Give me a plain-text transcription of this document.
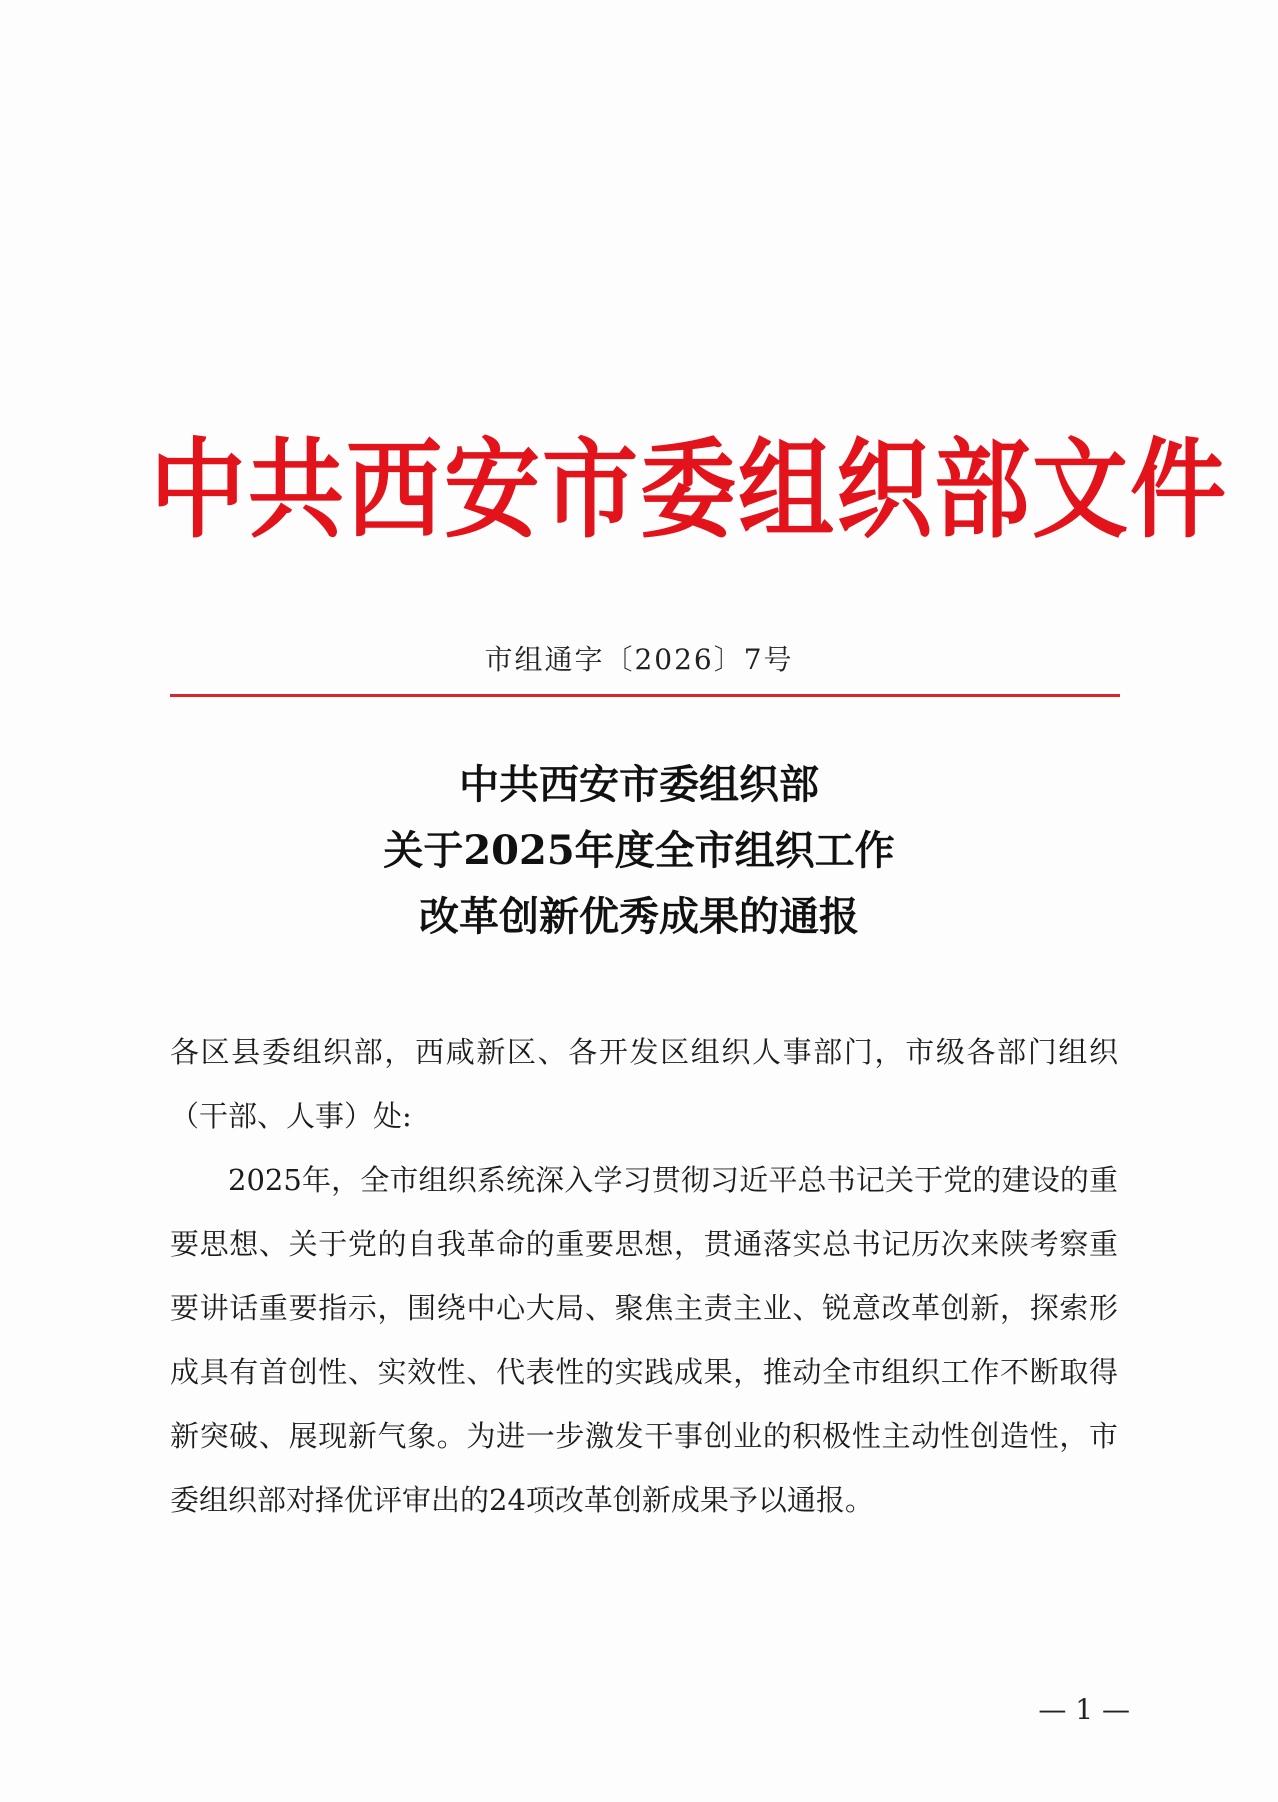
中共西安市委组织部文件
市组通字〔2026〕7号
中共西安市委组织部
关于2025年度全市组织工作
改革创新优秀成果的通报

各区县委组织部，西咸新区、各开发区组织人事部门，市级各部门组织（干部、人事）处:

2025年，全市组织系统深入学习贯彻习近平总书记关于党的建设的重要思想、关于党的自我革命的重要思想，贯通落实总书记历次来陕考察重要讲话重要指示，围绕中心大局、聚焦主责主业、锐意改革创新，探索形成具有首创性、实效性、代表性的实践成果，推动全市组织工作不断取得新突破、展现新气象。为进一步激发干事创业的积极性主动性创造性，市委组织部对择优评审出的24项改革创新成果予以通报。

— 1 —
